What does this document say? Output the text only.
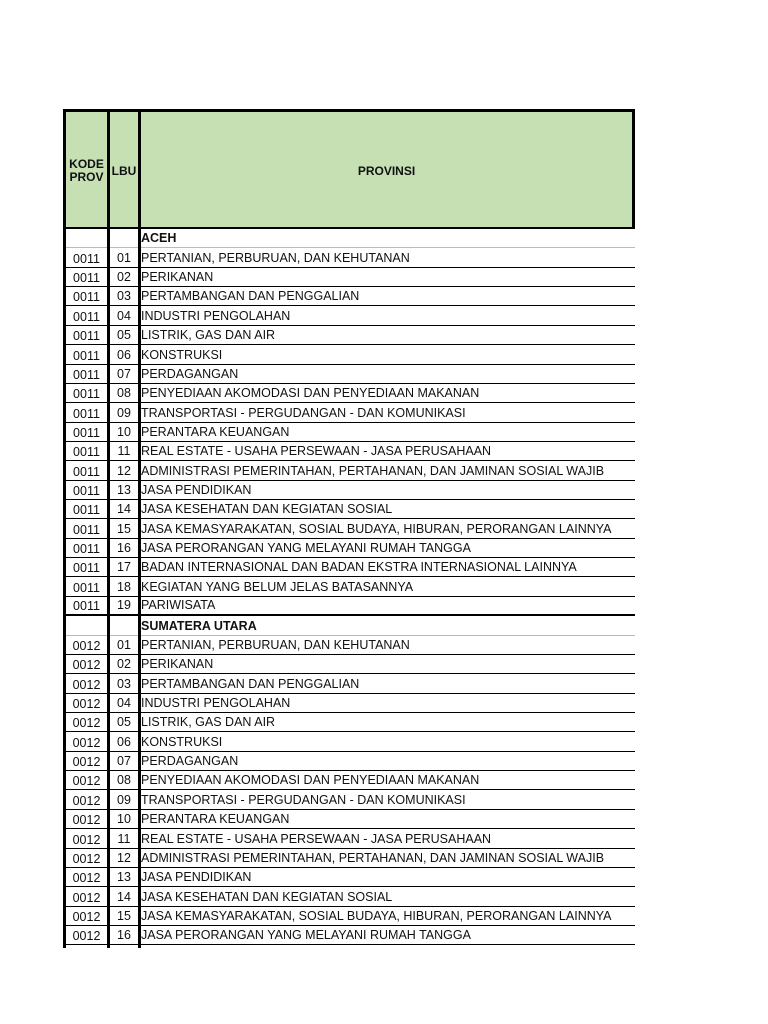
KODE
PROV LBU	PROVINSI
ACEH
0011	01 PERTANIAN, PERBURUAN, DAN KEHUTANAN
0011	02 PERIKANAN
0011	03 PERTAMBANGAN DAN PENGGALIAN
0011	04 INDUSTRI PENGOLAHAN
0011	05 LISTRIK, GAS DAN AIR
0011	06 KONSTRUKSI
0011	07 PERDAGANGAN
0011	08 PENYEDIAAN AKOMODASI DAN PENYEDIAAN MAKANAN
0011	09 TRANSPORTASI - PERGUDANGAN - DAN KOMUNIKASI
0011	10 PERANTARA KEUANGAN
0011	11 REAL ESTATE - USAHA PERSEWAAN - JASA PERUSAHAAN
0011	12 ADMINISTRASI PEMERINTAHAN, PERTAHANAN, DAN JAMINAN SOSIAL WAJIB
0011	13 JASA PENDIDIKAN
0011	14 JASA KESEHATAN DAN KEGIATAN SOSIAL
0011	15 JASA KEMASYARAKATAN, SOSIAL BUDAYA, HIBURAN, PERORANGAN LAINNYA
0011	16 JASA PERORANGAN YANG MELAYANI RUMAH TANGGA
0011	17 BADAN INTERNASIONAL DAN BADAN EKSTRA INTERNASIONAL LAINNYA
0011	18 KEGIATAN YANG BELUM JELAS BATASANNYA
0011	19 PARIWISATA
SUMATERA UTARA
0012	01 PERTANIAN, PERBURUAN, DAN KEHUTANAN
0012	02 PERIKANAN
0012	03 PERTAMBANGAN DAN PENGGALIAN
0012	04 INDUSTRI PENGOLAHAN
0012	05 LISTRIK, GAS DAN AIR
0012	06 KONSTRUKSI
0012	07 PERDAGANGAN
0012	08 PENYEDIAAN AKOMODASI DAN PENYEDIAAN MAKANAN
0012	09 TRANSPORTASI - PERGUDANGAN - DAN KOMUNIKASI
0012	10 PERANTARA KEUANGAN
0012	11 REAL ESTATE - USAHA PERSEWAAN - JASA PERUSAHAAN
0012	12 ADMINISTRASI PEMERINTAHAN, PERTAHANAN, DAN JAMINAN SOSIAL WAJIB
0012	13 JASA PENDIDIKAN
0012	14 JASA KESEHATAN DAN KEGIATAN SOSIAL
0012	15 JASA KEMASYARAKATAN, SOSIAL BUDAYA, HIBURAN, PERORANGAN LAINNYA
0012	16 JASA PERORANGAN YANG MELAYANI RUMAH TANGGA
